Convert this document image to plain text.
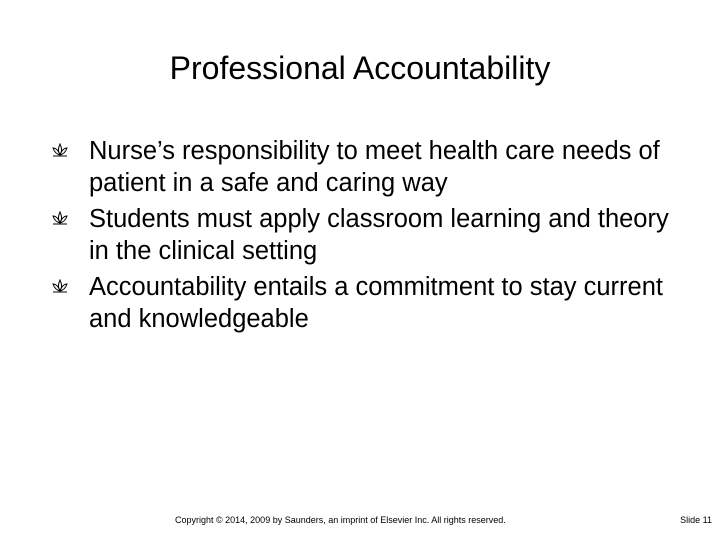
Professional Accountability
Nurse’s responsibility to meet health care needs of patient in a safe and caring way
Students must apply classroom learning and theory in the clinical setting
Accountability entails a commitment to stay current and knowledgeable
Copyright © 2014, 2009 by Saunders, an imprint of Elsevier Inc. All rights reserved.	Slide 11
